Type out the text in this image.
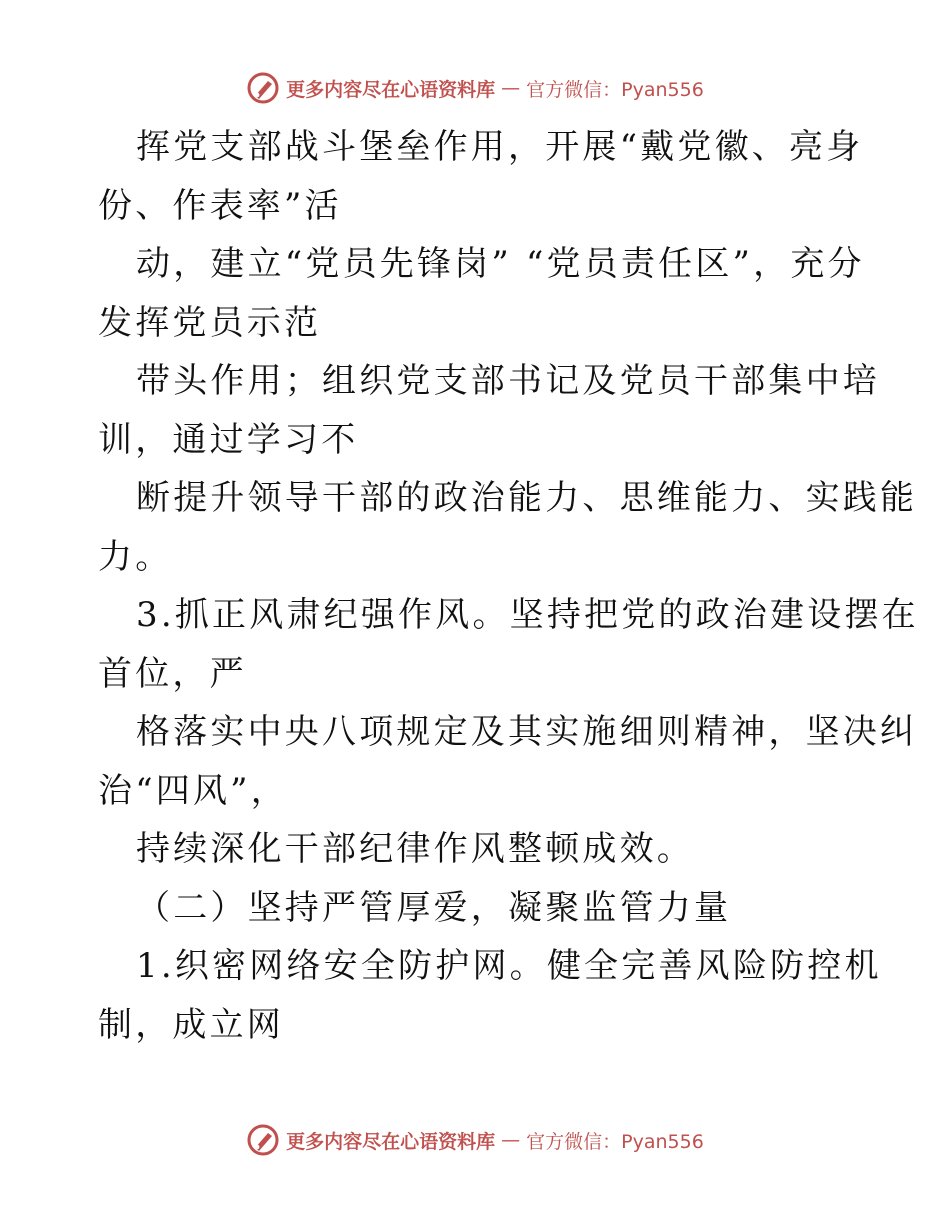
更多内容尽在心语资料库 — 官方微信：Pyan556
挥党支部战斗堡垒作用，开展“戴党徽、亮身
份、作表率”活
动，建立“党员先锋岗” “党员责任区”，充分
发挥党员示范
带头作用；组织党支部书记及党员干部集中培
训，通过学习不
断提升领导干部的政治能力、思维能力、实践能
力。
3.抓正风肃纪强作风。坚持把党的政治建设摆在
首位，严
格落实中央八项规定及其实施细则精神，坚决纠
治“四风”，
持续深化干部纪律作风整顿成效。
（二）坚持严管厚爱，凝聚监管力量
1.织密网络安全防护网。健全完善风险防控机
制，成立网
更多内容尽在心语资料库 — 官方微信：Pyan556
